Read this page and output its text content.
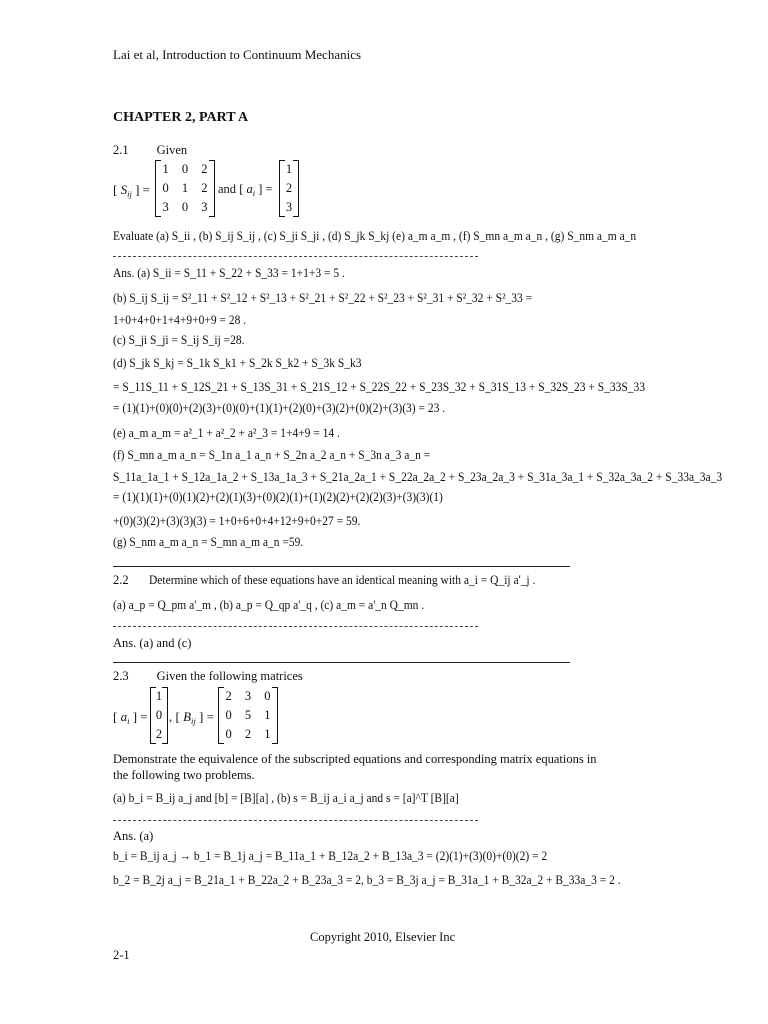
Lai et al, Introduction to Continuum Mechanics
CHAPTER 2, PART A
2.1 Given
[ $S_{ij}$ ] =
1	0	2
0	1	2
3	0	3
and [ $a_i$ ] =
1
2
3
Evaluate (a) S_ii , (b) S_ij S_ij , (c) S_ji S_ji , (d) S_jk S_kj (e) a_m a_m , (f) S_mn a_m a_n , (g) S_nm a_m a_n
Ans. (a) S_ii = S_11 + S_22 + S_33 = 1+1+3 = 5 .
(b) S_ij S_ij = S²_11 + S²_12 + S²_13 + S²_21 + S²_22 + S²_23 + S²_31 + S²_32 + S²_33 =
1+0+4+0+1+4+9+0+9 = 28 .
(c) S_ji S_ji = S_ij S_ij =28.
(d) S_jk S_kj = S_1k S_k1 + S_2k S_k2 + S_3k S_k3
= S_11S_11 + S_12S_21 + S_13S_31 + S_21S_12 + S_22S_22 + S_23S_32 + S_31S_13 + S_32S_23 + S_33S_33
= (1)(1)+(0)(0)+(2)(3)+(0)(0)+(1)(1)+(2)(0)+(3)(2)+(0)(2)+(3)(3) = 23 .
(e) a_m a_m = a²_1 + a²_2 + a²_3 = 1+4+9 = 14 .
(f) S_mn a_m a_n = S_1n a_1 a_n + S_2n a_2 a_n + S_3n a_3 a_n =
S_11a_1a_1 + S_12a_1a_2 + S_13a_1a_3 + S_21a_2a_1 + S_22a_2a_2 + S_23a_2a_3 + S_31a_3a_1 + S_32a_3a_2 + S_33a_3a_3
= (1)(1)(1)+(0)(1)(2)+(2)(1)(3)+(0)(2)(1)+(1)(2)(2)+(2)(2)(3)+(3)(3)(1)
+(0)(3)(2)+(3)(3)(3) = 1+0+6+0+4+12+9+0+27 = 59.
(g) S_nm a_m a_n = S_mn a_m a_n =59.
2.2 Determine which of these equations have an identical meaning with a_i = Q_ij a'_j .
(a) a_p = Q_pm a'_m , (b) a_p = Q_qp a'_q , (c) a_m = a'_n Q_mn .
Ans. (a) and (c)
2.3 Given the following matrices
[ $a_i$ ] =
1
0
2
, [ $B_{ij}$ ] =
2	3	0
0	5	1
0	2	1
Demonstrate the equivalence of the subscripted equations and corresponding matrix equations in
the following two problems.
(a) b_i = B_ij a_j and [b] = [B][a] , (b) s = B_ij a_i a_j and s = [a]^T [B][a]
Ans. (a)
b_i = B_ij a_j → b_1 = B_1j a_j = B_11a_1 + B_12a_2 + B_13a_3 = (2)(1)+(3)(0)+(0)(2) = 2
b_2 = B_2j a_j = B_21a_1 + B_22a_2 + B_23a_3 = 2, b_3 = B_3j a_j = B_31a_1 + B_32a_2 + B_33a_3 = 2 .
Copyright 2010, Elsevier Inc
2-1
